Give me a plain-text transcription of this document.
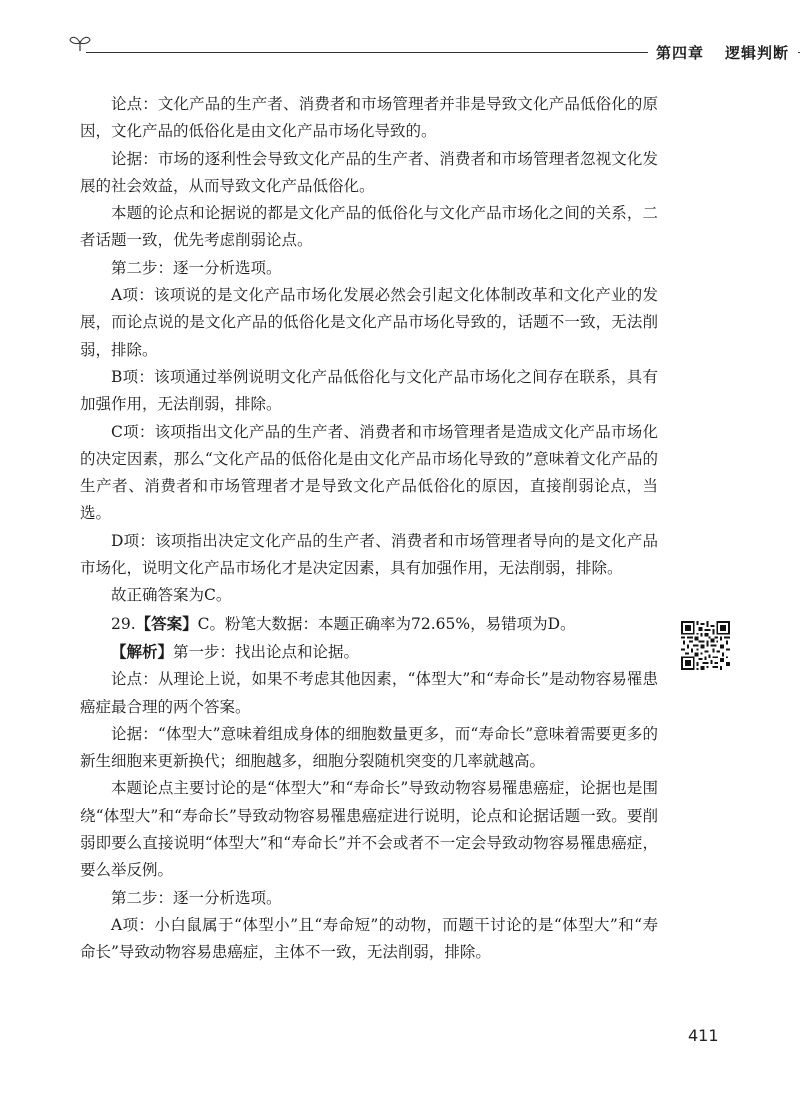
第四章 逻辑判断

论点：文化产品的生产者、消费者和市场管理者并非是导致文化产品低俗化的原因，文化产品的低俗化是由文化产品市场化导致的。

论据：市场的逐利性会导致文化产品的生产者、消费者和市场管理者忽视文化发展的社会效益，从而导致文化产品低俗化。

本题的论点和论据说的都是文化产品的低俗化与文化产品市场化之间的关系，二者话题一致，优先考虑削弱论点。

第二步：逐一分析选项。

A项：该项说的是文化产品市场化发展必然会引起文化体制改革和文化产业的发展，而论点说的是文化产品的低俗化是文化产品市场化导致的，话题不一致，无法削弱，排除。

B项：该项通过举例说明文化产品低俗化与文化产品市场化之间存在联系，具有加强作用，无法削弱，排除。

C项：该项指出文化产品的生产者、消费者和市场管理者是造成文化产品市场化的决定因素，那么“文化产品的低俗化是由文化产品市场化导致的”意味着文化产品的生产者、消费者和市场管理者才是导致文化产品低俗化的原因，直接削弱论点，当选。

D项：该项指出决定文化产品的生产者、消费者和市场管理者导向的是文化产品市场化，说明文化产品市场化才是决定因素，具有加强作用，无法削弱，排除。

故正确答案为C。

29.【答案】C。粉笔大数据：本题正确率为72.65%，易错项为D。

【解析】第一步：找出论点和论据。

论点：从理论上说，如果不考虑其他因素，“体型大”和“寿命长”是动物容易罹患癌症最合理的两个答案。

论据：“体型大”意味着组成身体的细胞数量更多，而“寿命长”意味着需要更多的新生细胞来更新换代；细胞越多，细胞分裂随机突变的几率就越高。

本题论点主要讨论的是“体型大”和“寿命长”导致动物容易罹患癌症，论据也是围绕“体型大”和“寿命长”导致动物容易罹患癌症进行说明，论点和论据话题一致。要削弱即要么直接说明“体型大”和“寿命长”并不会或者不一定会导致动物容易罹患癌症，要么举反例。

第二步：逐一分析选项。

A项：小白鼠属于“体型小”且“寿命短”的动物，而题干讨论的是“体型大”和“寿命长”导致动物容易患癌症，主体不一致，无法削弱，排除。

411
